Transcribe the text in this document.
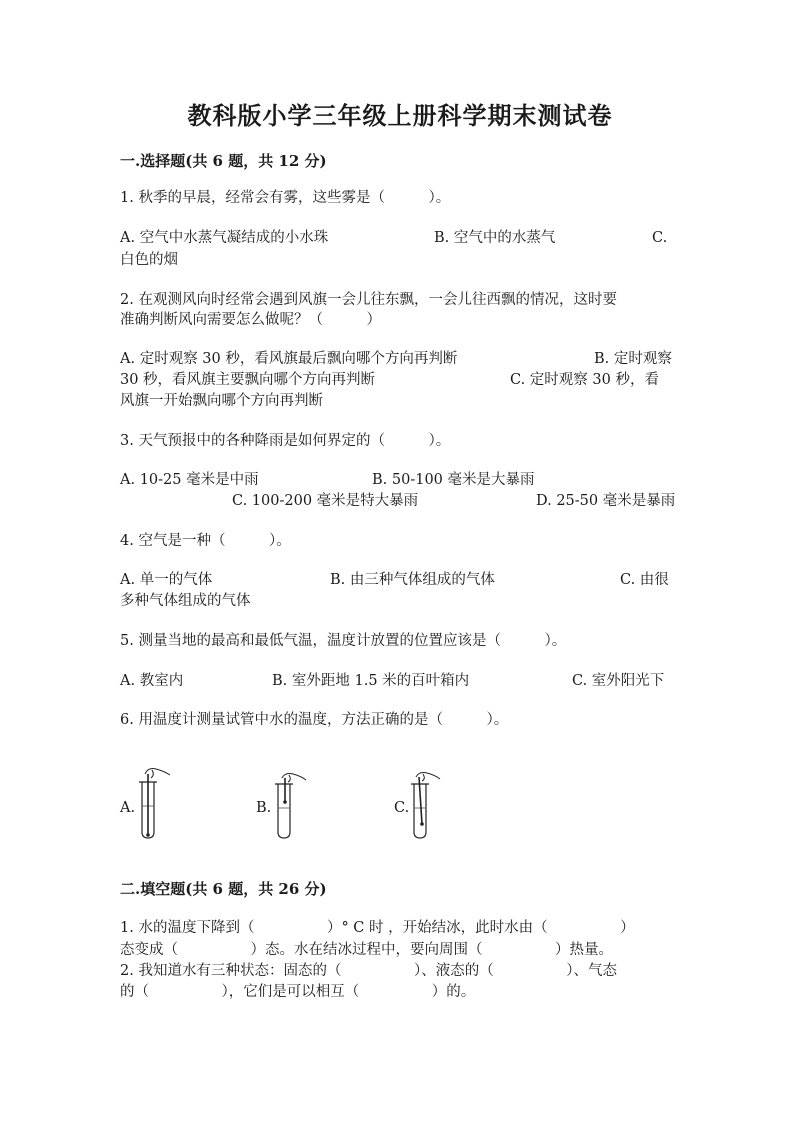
教科版小学三年级上册科学期末测试卷
一.选择题(共 6 题，共 12 分)
1. 秋季的早晨，经常会有雾，这些雾是（　　　）。
A. 空气中水蒸气凝结成的小水珠	B. 空气中的水蒸气	C.
白色的烟
2. 在观测风向时经常会遇到风旗一会儿往东飘，一会儿往西飘的情况，这时要
准确判断风向需要怎么做呢？（　　　）
A. 定时观察 30 秒，看风旗最后飘向哪个方向再判断	B. 定时观察
30 秒，看风旗主要飘向哪个方向再判断	C. 定时观察 30 秒，看
风旗一开始飘向哪个方向再判断
3. 天气预报中的各种降雨是如何界定的（　　　）。
A. 10-25 毫米是中雨	B. 50-100 毫米是大暴雨
C. 100-200 毫米是特大暴雨	D. 25-50 毫米是暴雨
4. 空气是一种（　　　）。
A. 单一的气体	B. 由三种气体组成的气体	C. 由很
多种气体组成的气体
5. 测量当地的最高和最低气温，温度计放置的位置应该是（　　　）。
A. 教室内	B. 室外距地 1.5 米的百叶箱内	C. 室外阳光下
6. 用温度计测量试管中水的温度，方法正确的是（　　　）。
A.	B.	C.
二.填空题(共 6 题，共 26 分)
1. 水的温度下降到（　　　　　）° C 时 ，开始结冰，此时水由（　　　　　）
态变成（　　　　　）态。水在结冰过程中，要向周围（　　　　　）热量。
2. 我知道水有三种状态：固态的（　　　　　）、液态的（　　　　　）、气态
的（　　　　　），它们是可以相互（　　　　　）的。
